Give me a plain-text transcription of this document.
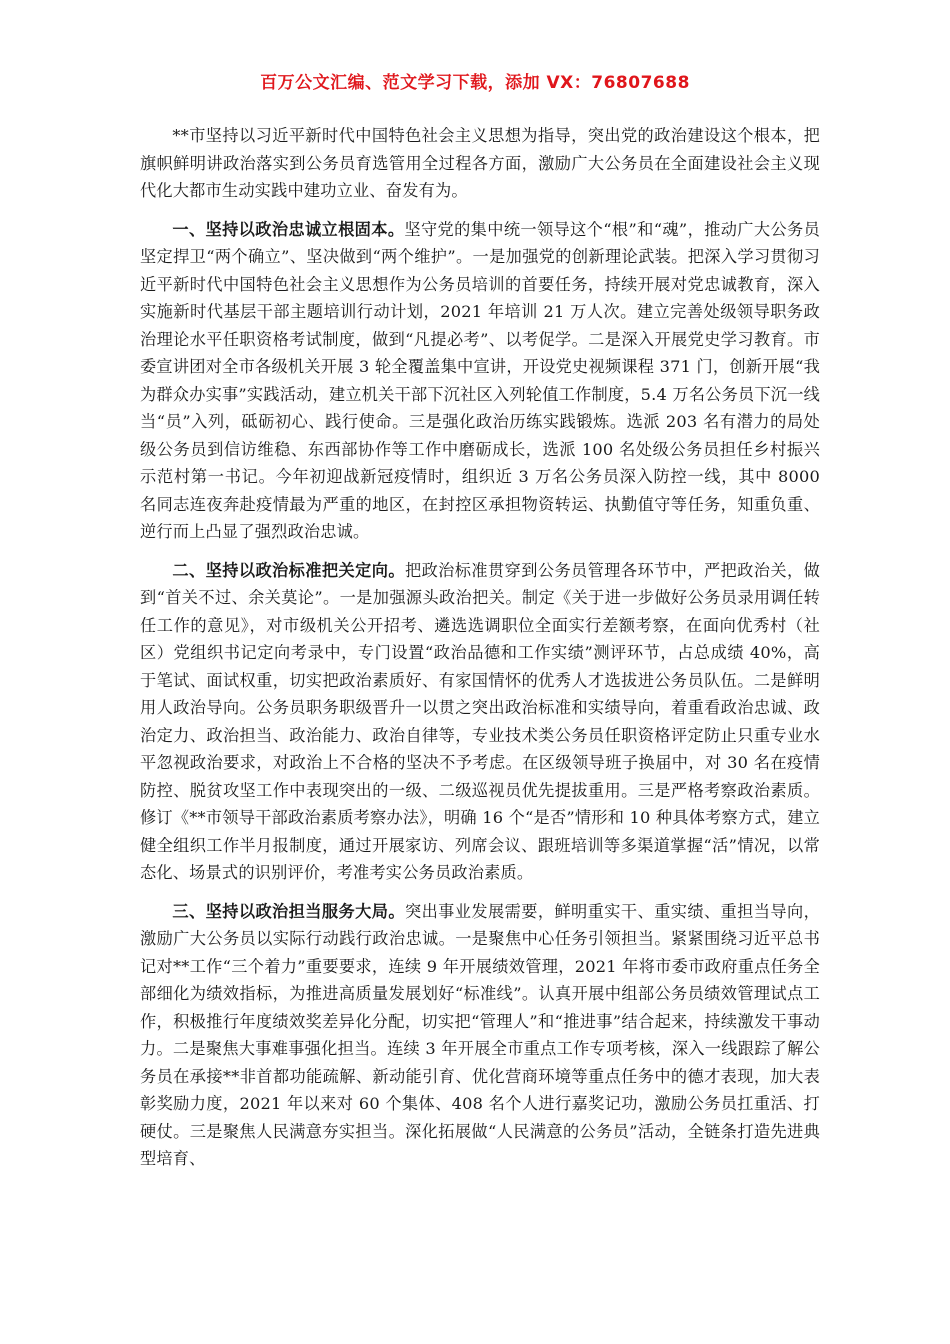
百万公文汇编、范文学习下载，添加 VX：76807688

**市坚持以习近平新时代中国特色社会主义思想为指导，突出党的政治建设这个根本，把旗帜鲜明讲政治落实到公务员育选管用全过程各方面，激励广大公务员在全面建设社会主义现代化大都市生动实践中建功立业、奋发有为。

一、坚持以政治忠诚立根固本。坚守党的集中统一领导这个“根”和“魂”，推动广大公务员坚定捍卫“两个确立”、坚决做到“两个维护”。一是加强党的创新理论武装。把深入学习贯彻习近平新时代中国特色社会主义思想作为公务员培训的首要任务，持续开展对党忠诚教育，深入实施新时代基层干部主题培训行动计划，2021 年培训 21 万人次。建立完善处级领导职务政治理论水平任职资格考试制度，做到“凡提必考”、以考促学。二是深入开展党史学习教育。市委宣讲团对全市各级机关开展 3 轮全覆盖集中宣讲，开设党史视频课程 371 门，创新开展“我为群众办实事”实践活动，建立机关干部下沉社区入列轮值工作制度，5.4 万名公务员下沉一线当“员”入列，砥砺初心、践行使命。三是强化政治历练实践锻炼。选派 203 名有潜力的局处级公务员到信访维稳、东西部协作等工作中磨砺成长，选派 100 名处级公务员担任乡村振兴示范村第一书记。今年初迎战新冠疫情时，组织近 3 万名公务员深入防控一线，其中 8000 名同志连夜奔赴疫情最为严重的地区，在封控区承担物资转运、执勤值守等任务，知重负重、逆行而上凸显了强烈政治忠诚。

二、坚持以政治标准把关定向。把政治标准贯穿到公务员管理各环节中，严把政治关，做到“首关不过、余关莫论”。一是加强源头政治把关。制定《关于进一步做好公务员录用调任转任工作的意见》，对市级机关公开招考、遴选选调职位全面实行差额考察，在面向优秀村（社区）党组织书记定向考录中，专门设置“政治品德和工作实绩”测评环节，占总成绩 40%，高于笔试、面试权重，切实把政治素质好、有家国情怀的优秀人才选拔进公务员队伍。二是鲜明用人政治导向。公务员职务职级晋升一以贯之突出政治标准和实绩导向，着重看政治忠诚、政治定力、政治担当、政治能力、政治自律等，专业技术类公务员任职资格评定防止只重专业水平忽视政治要求，对政治上不合格的坚决不予考虑。在区级领导班子换届中，对 30 名在疫情防控、脱贫攻坚工作中表现突出的一级、二级巡视员优先提拔重用。三是严格考察政治素质。修订《**市领导干部政治素质考察办法》，明确 16 个“是否”情形和 10 种具体考察方式，建立健全组织工作半月报制度，通过开展家访、列席会议、跟班培训等多渠道掌握“活”情况，以常态化、场景式的识别评价，考准考实公务员政治素质。

三、坚持以政治担当服务大局。突出事业发展需要，鲜明重实干、重实绩、重担当导向，激励广大公务员以实际行动践行政治忠诚。一是聚焦中心任务引领担当。紧紧围绕习近平总书记对**工作“三个着力”重要要求，连续 9 年开展绩效管理，2021 年将市委市政府重点任务全部细化为绩效指标，为推进高质量发展划好“标准线”。认真开展中组部公务员绩效管理试点工作，积极推行年度绩效奖差异化分配，切实把“管理人”和“推进事”结合起来，持续激发干事动力。二是聚焦大事难事强化担当。连续 3 年开展全市重点工作专项考核，深入一线跟踪了解公务员在承接**非首都功能疏解、新动能引育、优化营商环境等重点任务中的德才表现，加大表彰奖励力度，2021 年以来对 60 个集体、408 名个人进行嘉奖记功，激励公务员扛重活、打硬仗。三是聚焦人民满意夯实担当。深化拓展做“人民满意的公务员”活动，全链条打造先进典型培育、
